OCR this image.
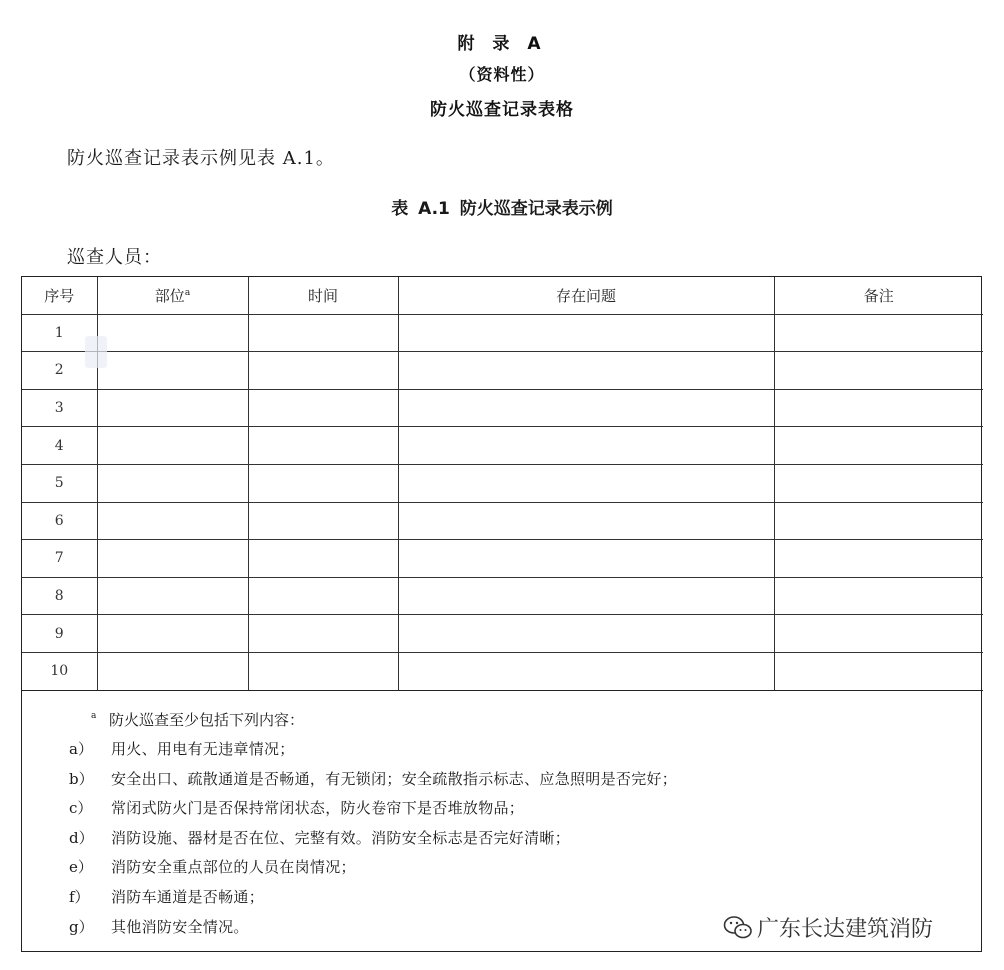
附 录 A
（资料性）
防火巡查记录表格
防火巡查记录表示例见表 A.1。
表 A.1 防火巡查记录表示例
巡查人员：
序号	部位$^a$	时间	存在问题	备注
1				
2				
3				
4				
5				
6				
7				
8				
9				
10				
a 防火巡查至少包括下列内容：
a）	用火、用电有无违章情况；
b）	安全出口、疏散通道是否畅通，有无锁闭；安全疏散指示标志、应急照明是否完好；
c）	常闭式防火门是否保持常闭状态，防火卷帘下是否堆放物品；
d）	消防设施、器材是否在位、完整有效。消防安全标志是否完好清晰；
e）	消防安全重点部位的人员在岗情况；
f）	消防车通道是否畅通；
g）	其他消防安全情况。	广东长达建筑消防
